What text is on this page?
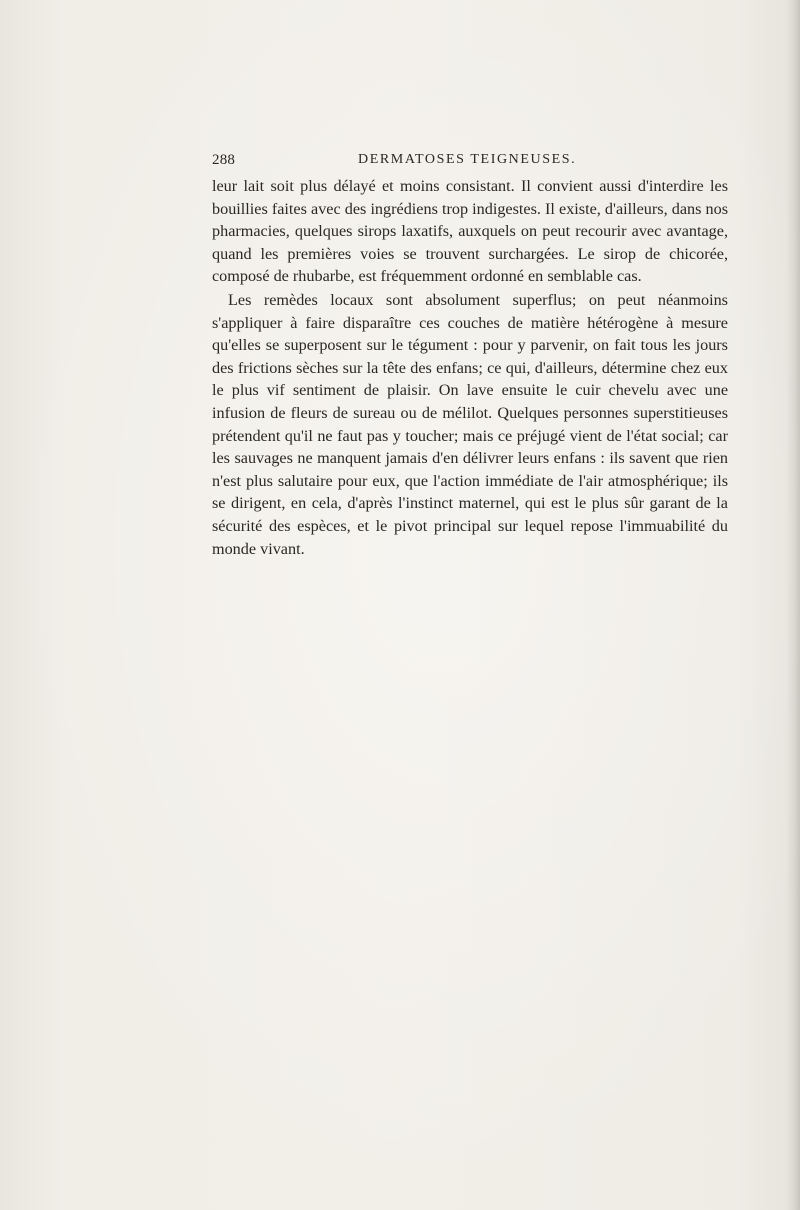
288	DERMATOSES TEIGNEUSES.

leur lait soit plus délayé et moins consistant. Il convient aussi d'interdire les bouillies faites avec des ingrédiens trop indigestes. Il existe, d'ailleurs, dans nos pharmacies, quelques sirops laxatifs, auxquels on peut recourir avec avantage, quand les premières voies se trouvent surchargées. Le sirop de chicorée, composé de rhubarbe, est fréquemment ordonné en semblable cas.

Les remèdes locaux sont absolument superflus; on peut néanmoins s'appliquer à faire disparaître ces couches de matière hétérogène à mesure qu'elles se superposent sur le tégument : pour y parvenir, on fait tous les jours des frictions sèches sur la tête des enfans; ce qui, d'ailleurs, détermine chez eux le plus vif sentiment de plaisir. On lave ensuite le cuir chevelu avec une infusion de fleurs de sureau ou de mélilot. Quelques personnes superstitieuses prétendent qu'il ne faut pas y toucher; mais ce préjugé vient de l'état social; car les sauvages ne manquent jamais d'en délivrer leurs enfans : ils savent que rien n'est plus salutaire pour eux, que l'action immédiate de l'air atmosphérique; ils se dirigent, en cela, d'après l'instinct maternel, qui est le plus sûr garant de la sécurité des espèces, et le pivot principal sur lequel repose l'immuabilité du monde vivant.
